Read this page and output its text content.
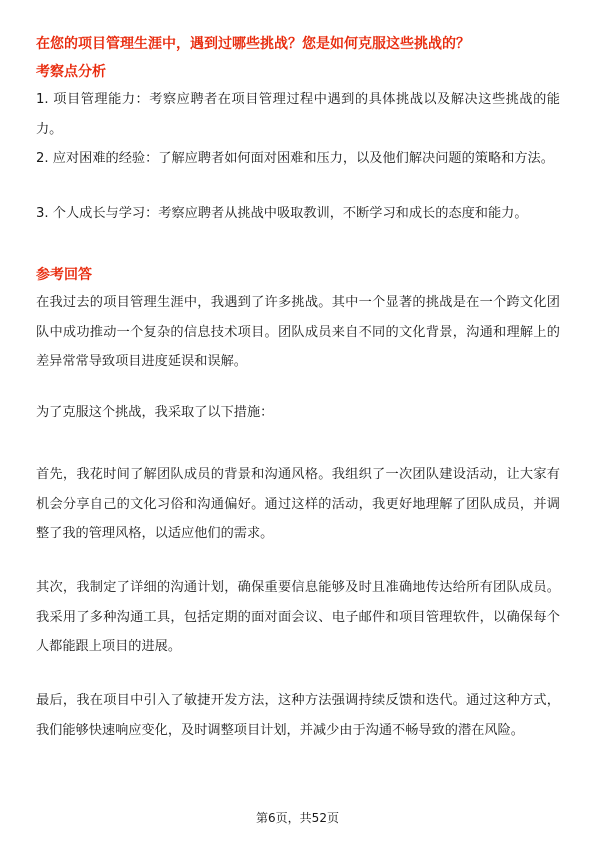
在您的项目管理生涯中，遇到过哪些挑战？您是如何克服这些挑战的？
考察点分析

1. 项目管理能力：考察应聘者在项目管理过程中遇到的具体挑战以及解决这些挑战的能力。

2. 应对困难的经验：了解应聘者如何面对困难和压力，以及他们解决问题的策略和方法。

3. 个人成长与学习：考察应聘者从挑战中吸取教训，不断学习和成长的态度和能力。

参考回答

在我过去的项目管理生涯中，我遇到了许多挑战。其中一个显著的挑战是在一个跨文化团队中成功推动一个复杂的信息技术项目。团队成员来自不同的文化背景，沟通和理解上的差异常常导致项目进度延误和误解。

为了克服这个挑战，我采取了以下措施：

首先，我花时间了解团队成员的背景和沟通风格。我组织了一次团队建设活动，让大家有机会分享自己的文化习俗和沟通偏好。通过这样的活动，我更好地理解了团队成员，并调整了我的管理风格，以适应他们的需求。

其次，我制定了详细的沟通计划，确保重要信息能够及时且准确地传达给所有团队成员。我采用了多种沟通工具，包括定期的面对面会议、电子邮件和项目管理软件，以确保每个人都能跟上项目的进展。

最后，我在项目中引入了敏捷开发方法，这种方法强调持续反馈和迭代。通过这种方式，我们能够快速响应变化，及时调整项目计划，并减少由于沟通不畅导致的潜在风险。

第6页，共52页
